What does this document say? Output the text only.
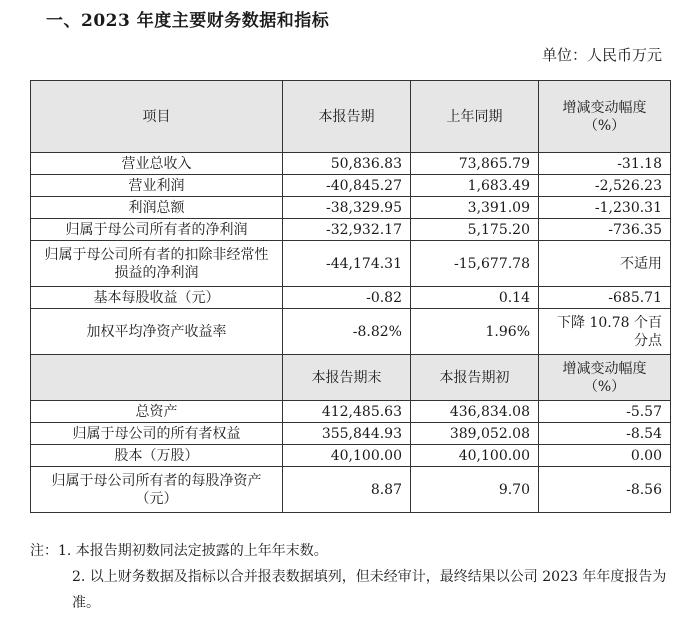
一、2023 年度主要财务数据和指标
单位：人民币万元
项目	本报告期	上年同期	增减变动幅度（%）
营业总收入	50,836.83	73,865.79	-31.18
营业利润	-40,845.27	1,683.49	-2,526.23
利润总额	-38,329.95	3,391.09	-1,230.31
归属于母公司所有者的净利润	-32,932.17	5,175.20	-736.35
归属于母公司所有者的扣除非经常性损益的净利润	-44,174.31	-15,677.78	不适用
基本每股收益（元）	-0.82	0.14	-685.71
加权平均净资产收益率	-8.82%	1.96%	下降 10.78 个百分点
	本报告期末	本报告期初	增减变动幅度（%）
总资产	412,485.63	436,834.08	-5.57
归属于母公司的所有者权益	355,844.93	389,052.08	-8.54
股本（万股）	40,100.00	40,100.00	0.00
归属于母公司所有者的每股净资产（元）	8.87	9.70	-8.56

注：1. 本报告期初数同法定披露的上年年末数。

2. 以上财务数据及指标以合并报表数据填列，但未经审计，最终结果以公司 2023 年年度报告为准。
